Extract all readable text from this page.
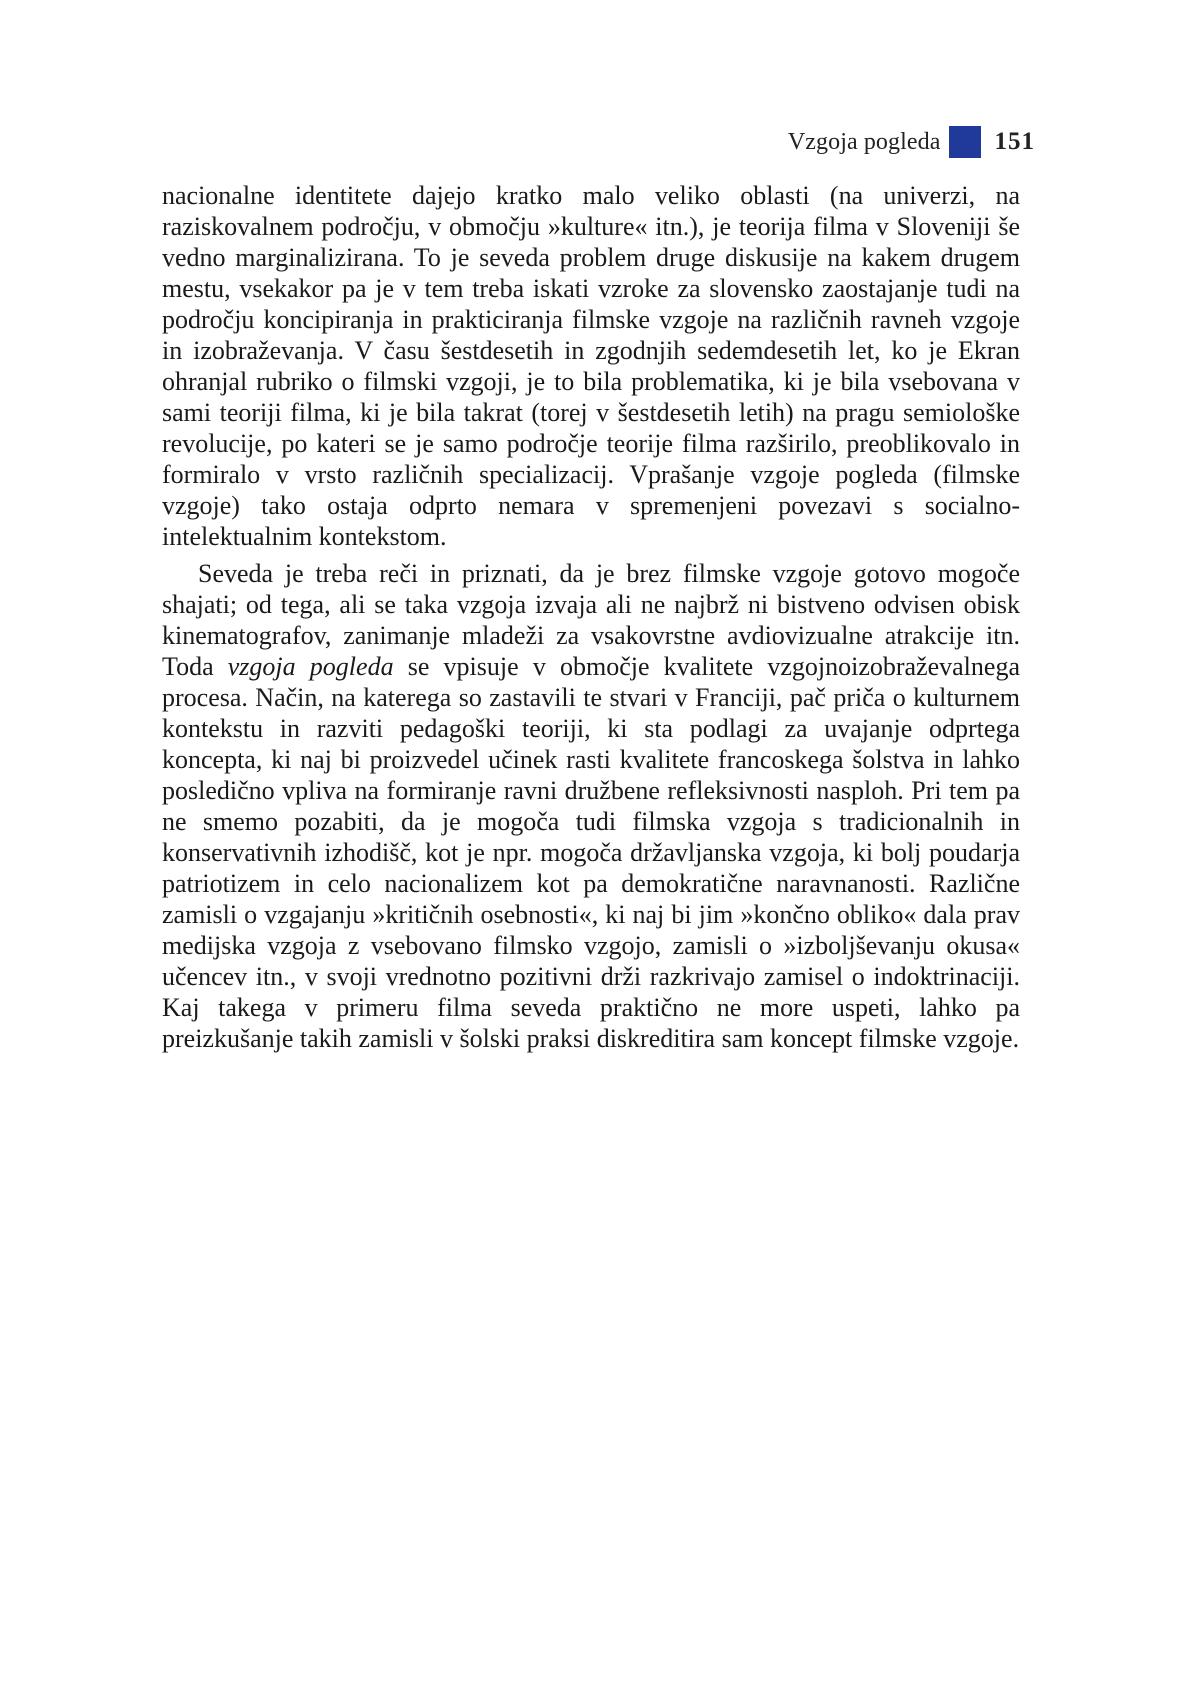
Vzgoja pogleda 151

nacionalne identitete dajejo kratko malo veliko oblasti (na univerzi, na raziskovalnem področju, v območju »kulture« itn.), je teorija filma v Sloveniji še vedno marginalizirana. To je seveda problem druge diskusije na kakem drugem mestu, vsekakor pa je v tem treba iskati vzroke za slovensko zaostajanje tudi na področju koncipiranja in prakticiranja filmske vzgoje na različnih ravneh vzgoje in izobraževanja. V času šestdesetih in zgodnjih sedemdesetih let, ko je Ekran ohranjal rubriko o filmski vzgoji, je to bila problematika, ki je bila vsebovana v sami teoriji filma, ki je bila takrat (torej v šestdesetih letih) na pragu semiološke revolucije, po kateri se je samo področje teorije filma razširilo, preoblikovalo in formiralo v vrsto različnih specializacij. Vprašanje vzgoje pogleda (filmske vzgoje) tako ostaja odprto nemara v spremenjeni povezavi s socialno-intelektualnim kontekstom.

Seveda je treba reči in priznati, da je brez filmske vzgoje gotovo mogoče shajati; od tega, ali se taka vzgoja izvaja ali ne najbrž ni bistveno odvisen obisk kinematografov, zanimanje mladeži za vsakovrstne avdiovizualne atrakcije itn. Toda vzgoja pogleda se vpisuje v območje kvalitete vzgojnoizobraževalnega procesa. Način, na katerega so zastavili te stvari v Franciji, pač priča o kulturnem kontekstu in razviti pedagoški teoriji, ki sta podlagi za uvajanje odprtega koncepta, ki naj bi proizvedel učinek rasti kvalitete francoskega šolstva in lahko posledično vpliva na formiranje ravni družbene refleksivnosti nasploh. Pri tem pa ne smemo pozabiti, da je mogoča tudi filmska vzgoja s tradicionalnih in konservativnih izhodišč, kot je npr. mogoča državljanska vzgoja, ki bolj poudarja patriotizem in celo nacionalizem kot pa demokratične naravnanosti. Različne zamisli o vzgajanju »kritičnih osebnosti«, ki naj bi jim »končno obliko« dala prav medijska vzgoja z vsebovano filmsko vzgojo, zamisli o »izboljševanju okusa« učencev itn., v svoji vrednotno pozitivni drži razkrivajo zamisel o indoktrinaciji. Kaj takega v primeru filma seveda praktično ne more uspeti, lahko pa preizkušanje takih zamisli v šolski praksi diskreditira sam koncept filmske vzgoje.
